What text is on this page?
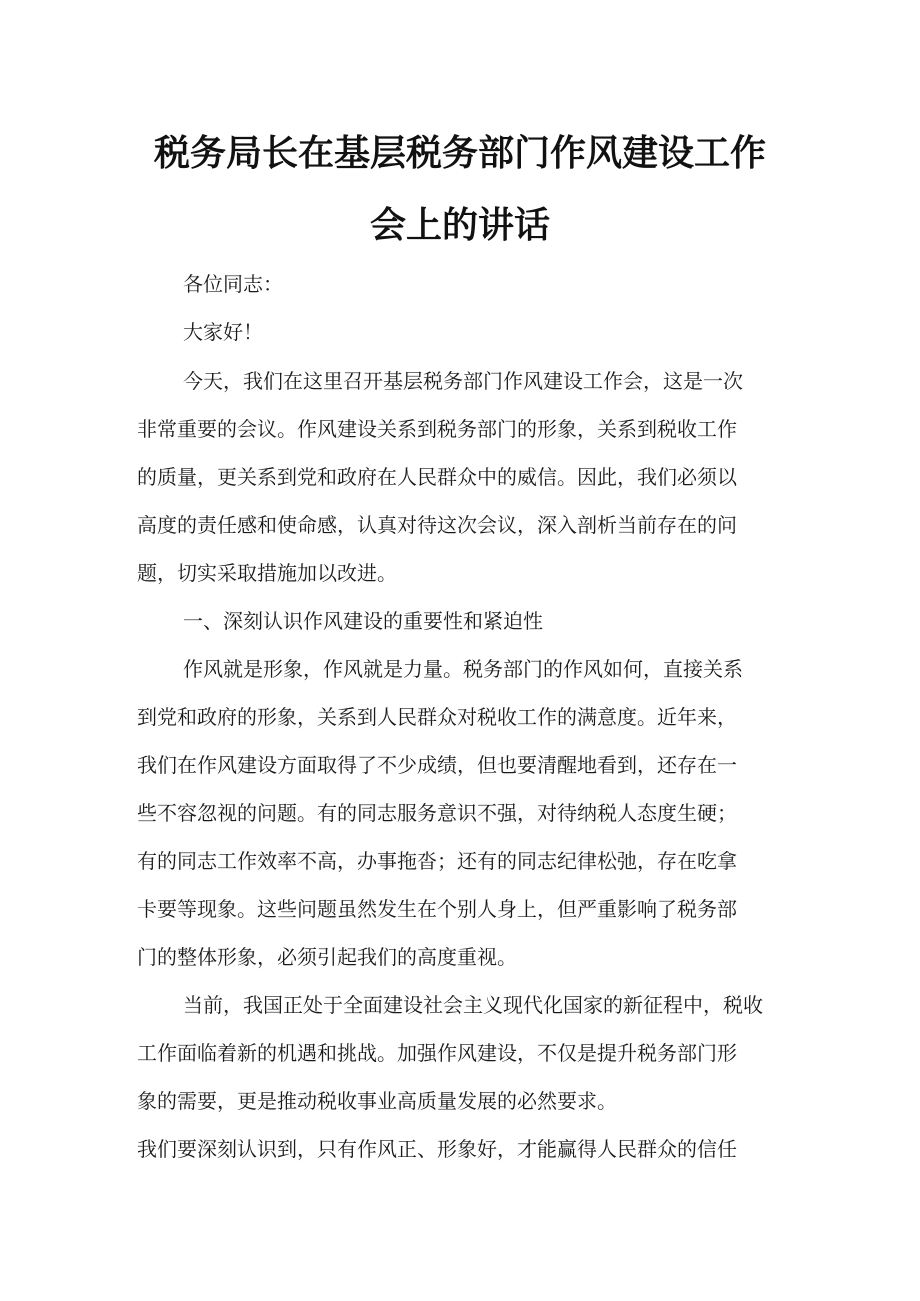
税务局长在基层税务部门作风建设工作
会上的讲话

各位同志：

大家好！

今天，我们在这里召开基层税务部门作风建设工作会，这是一次

非常重要的会议。作风建设关系到税务部门的形象，关系到税收工作

的质量，更关系到党和政府在人民群众中的威信。因此，我们必须以

高度的责任感和使命感，认真对待这次会议，深入剖析当前存在的问

题，切实采取措施加以改进。

一、深刻认识作风建设的重要性和紧迫性

作风就是形象，作风就是力量。税务部门的作风如何，直接关系

到党和政府的形象，关系到人民群众对税收工作的满意度。近年来，

我们在作风建设方面取得了不少成绩，但也要清醒地看到，还存在一

些不容忽视的问题。有的同志服务意识不强，对待纳税人态度生硬；

有的同志工作效率不高，办事拖沓；还有的同志纪律松弛，存在吃拿

卡要等现象。这些问题虽然发生在个别人身上，但严重影响了税务部

门的整体形象，必须引起我们的高度重视。

当前，我国正处于全面建设社会主义现代化国家的新征程中，税收

工作面临着新的机遇和挑战。加强作风建设，不仅是提升税务部门形

象的需要，更是推动税收事业高质量发展的必然要求。

我们要深刻认识到，只有作风正、形象好，才能赢得人民群众的信任
